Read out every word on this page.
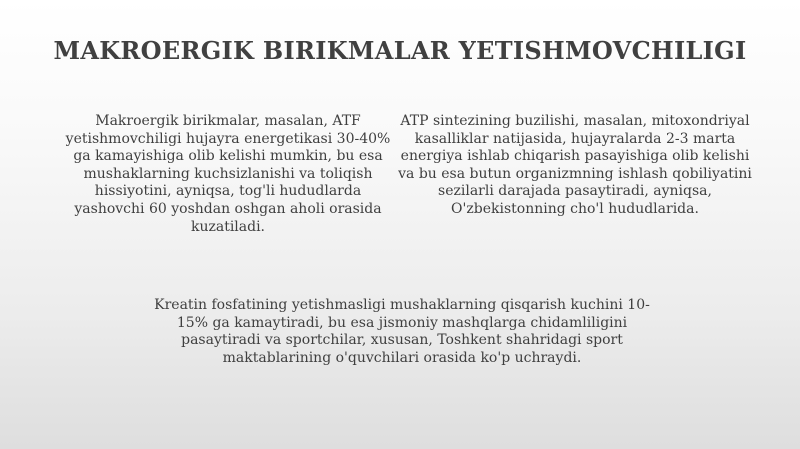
MAKROERGIK BIRIKMALAR YETISHMOVCHILIGI
Makroergik birikmalar, masalan, ATF yetishmovchiligi hujayra energetikasi 30-40% ga kamayishiga olib kelishi mumkin, bu esa mushaklarning kuchsizlanishi va toliqish hissiyotini, ayniqsa, tog'li hududlarda yashovchi 60 yoshdan oshgan aholi orasida kuzatiladi.
ATP sintezining buzilishi, masalan, mitoxondriyal kasalliklar natijasida, hujayralarda 2-3 marta energiya ishlab chiqarish pasayishiga olib kelishi va bu esa butun organizmning ishlash qobiliyatini sezilarli darajada pasaytiradi, ayniqsa, O'zbekistonning cho'l hududlarida.
Kreatin fosfatining yetishmasligi mushaklarning qisqarish kuchini 10-15% ga kamaytiradi, bu esa jismoniy mashqlarga chidamliligini pasaytiradi va sportchilar, xususan, Toshkent shahridagi sport maktablarining o'quvchilari orasida ko'p uchraydi.
